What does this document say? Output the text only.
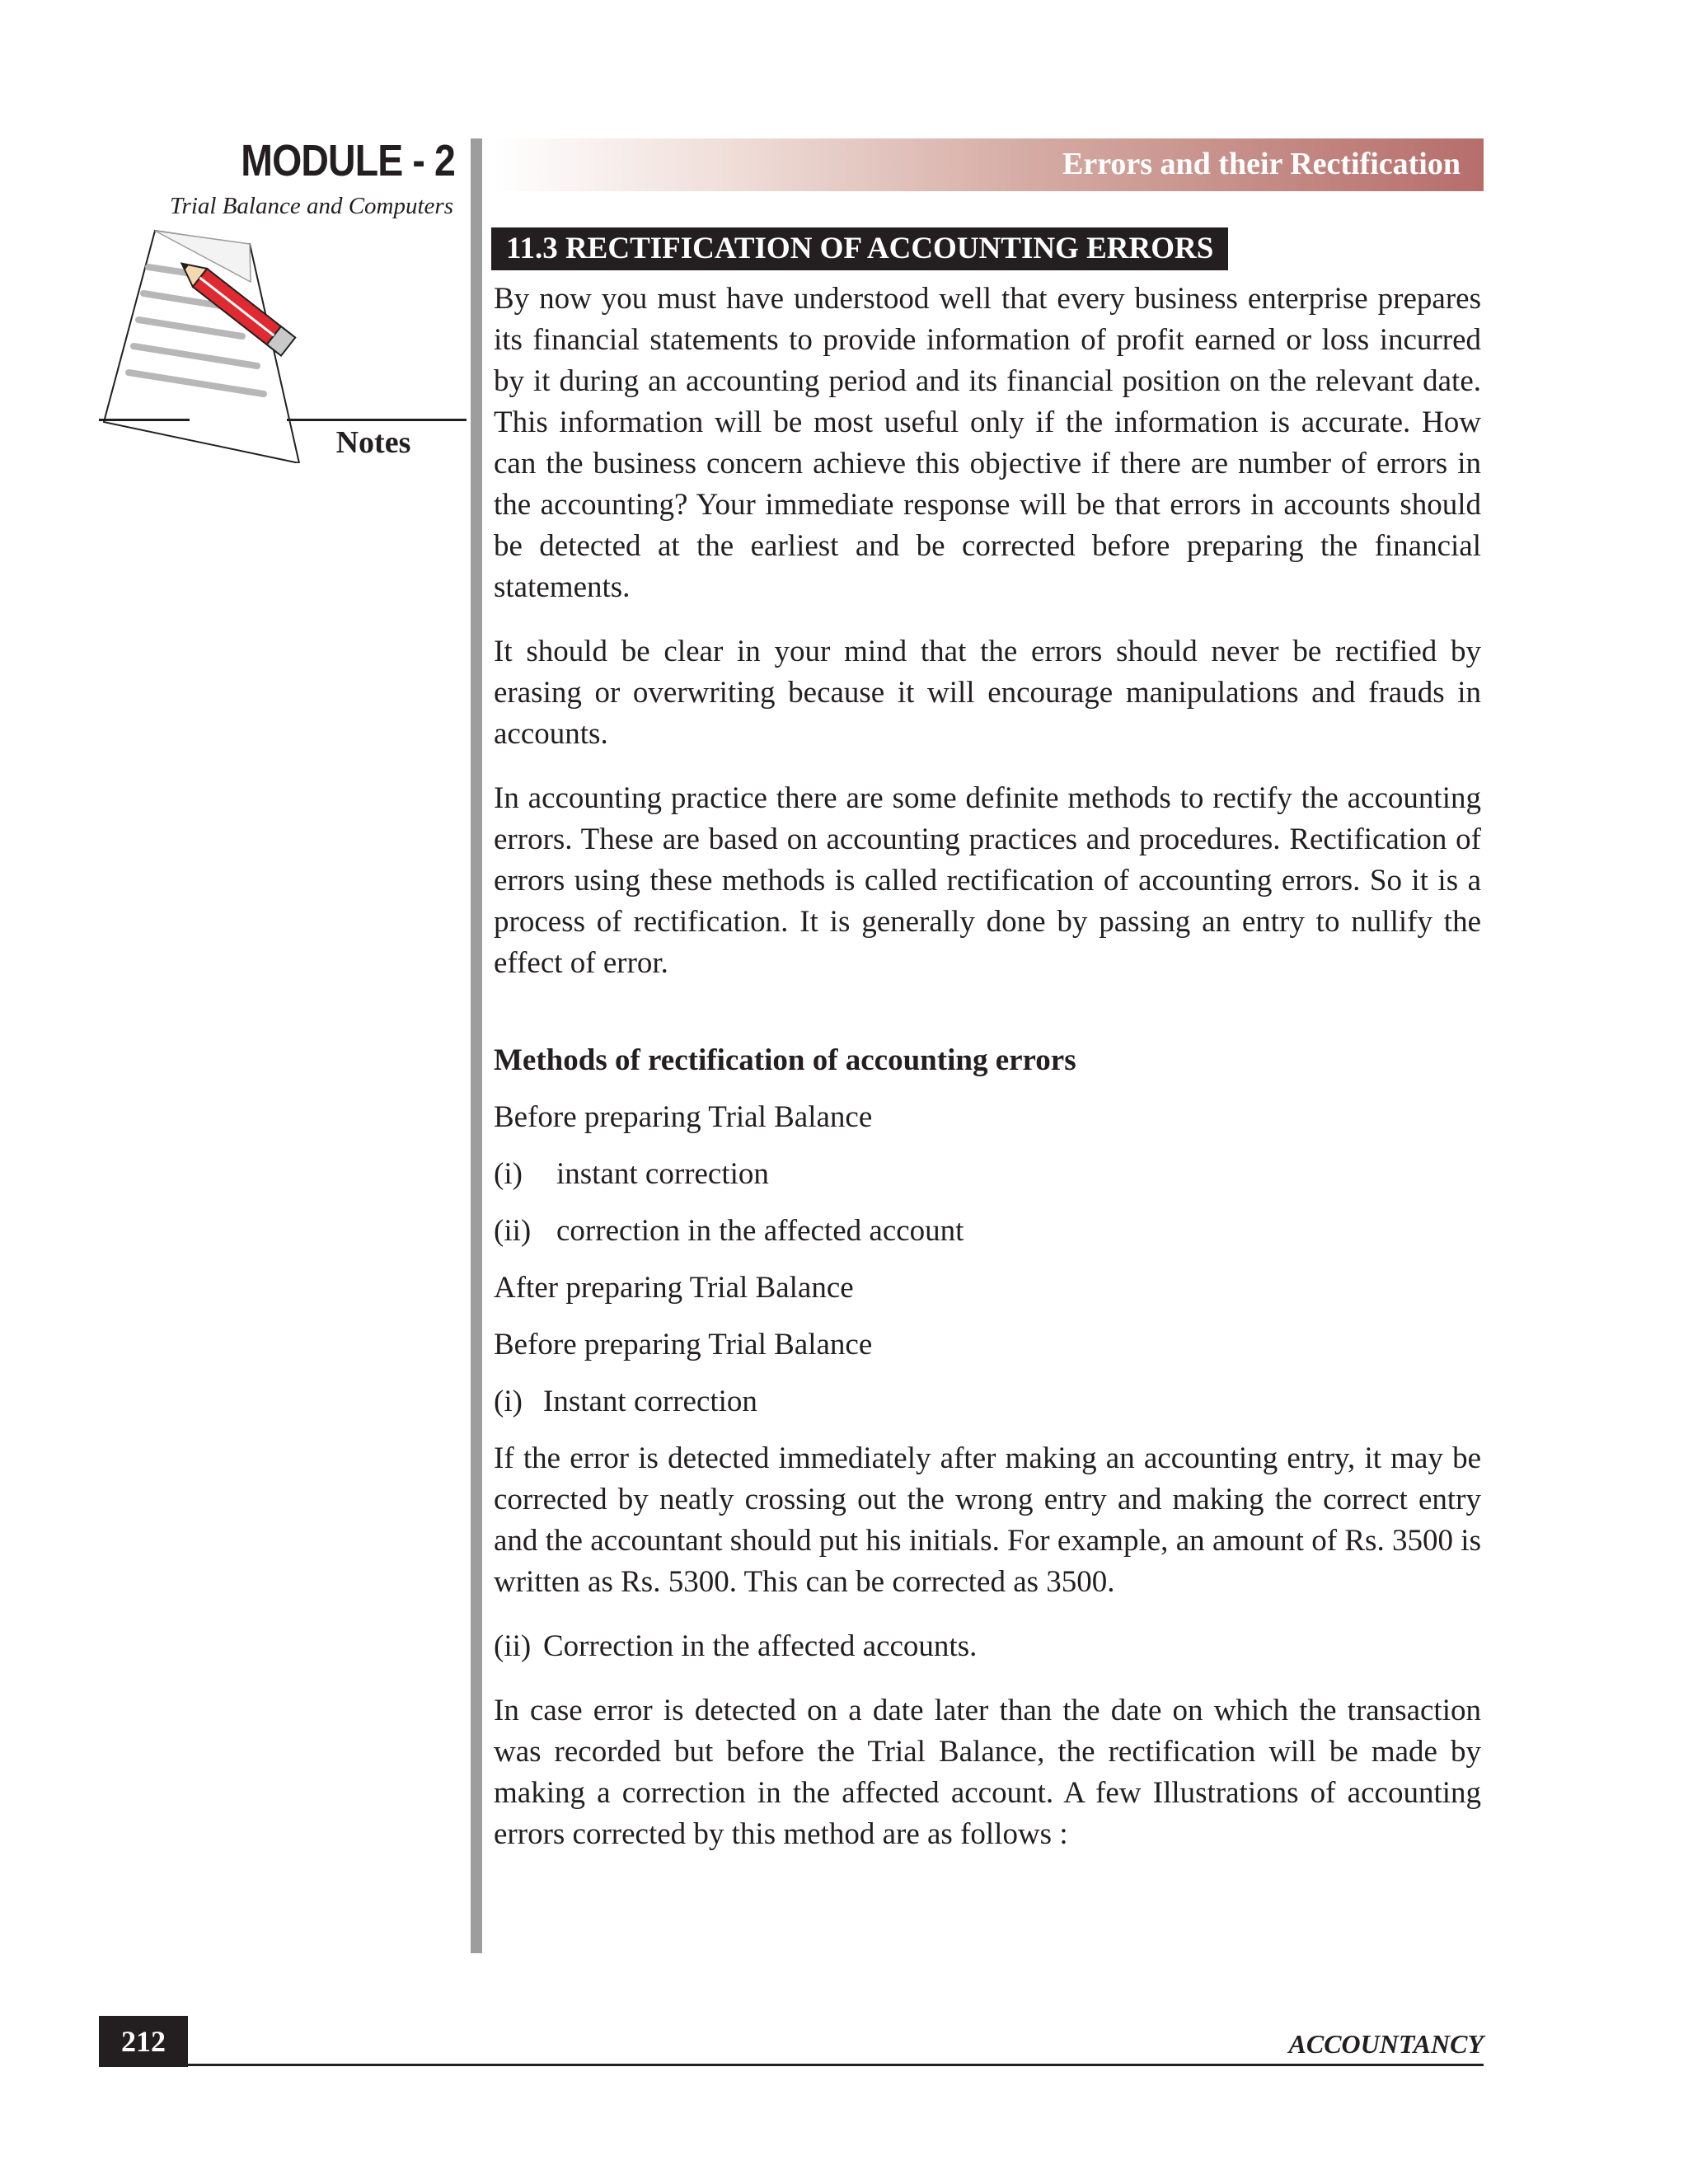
MODULE - 2
Trial Balance and Computers
Notes
Errors and their Rectification
11.3 RECTIFICATION OF ACCOUNTING ERRORS

By now you must have understood well that every business enterprise prepares its financial statements to provide information of profit earned or loss incurred by it during an accounting period and its financial position on the relevant date. This information will be most useful only if the information is accurate. How can the business concern achieve this objective if there are number of errors in the accounting? Your immediate response will be that errors in accounts should be detected at the earliest and be corrected before preparing the financial statements.

It should be clear in your mind that the errors should never be rectified by erasing or overwriting because it will encourage manipulations and frauds in accounts.

In accounting practice there are some definite methods to rectify the accounting errors. These are based on accounting practices and procedures. Rectification of errors using these methods is called rectification of accounting errors. So it is a process of rectification. It is generally done by passing an entry to nullify the effect of error.

Methods of rectification of accounting errors

Before preparing Trial Balance

(i) instant correction

(ii) correction in the affected account

After preparing Trial Balance

Before preparing Trial Balance

(i) Instant correction

If the error is detected immediately after making an accounting entry, it may be corrected by neatly crossing out the wrong entry and making the correct entry and the accountant should put his initials. For example, an amount of Rs. 3500 is written as Rs. 5300. This can be corrected as 3500.

(ii) Correction in the affected accounts.

In case error is detected on a date later than the date on which the transaction was recorded but before the Trial Balance, the rectification will be made by making a correction in the affected account. A few Illustrations of accounting errors corrected by this method are as follows :

212	ACCOUNTANCY
